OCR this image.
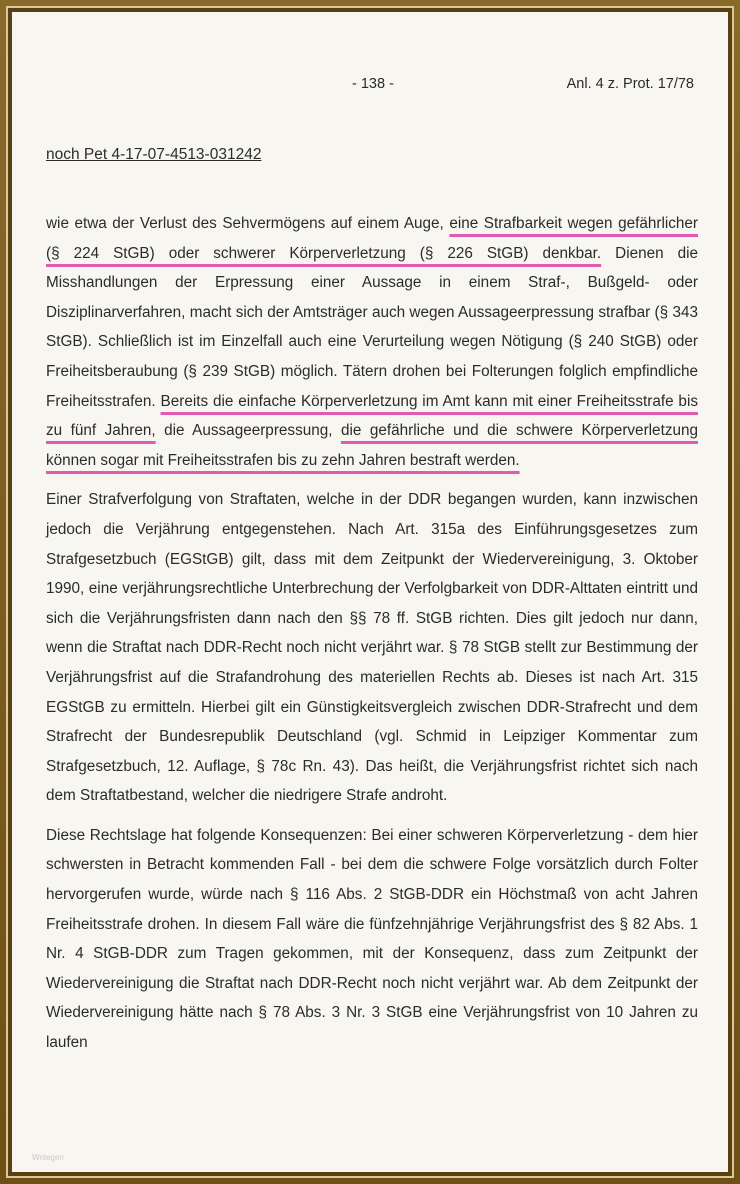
- 138 -	Anl. 4 z. Prot. 17/78
noch Pet 4-17-07-4513-031242

wie etwa der Verlust des Sehvermögens auf einem Auge, eine Strafbarkeit wegen gefährlicher (§ 224 StGB) oder schwerer Körperverletzung (§ 226 StGB) denkbar. Dienen die Misshandlungen der Erpressung einer Aussage in einem Straf-, Bußgeld- oder Disziplinarverfahren, macht sich der Amtsträger auch wegen Aussageerpressung strafbar (§ 343 StGB). Schließlich ist im Einzelfall auch eine Verurteilung wegen Nötigung (§ 240 StGB) oder Freiheitsberaubung (§ 239 StGB) möglich. Tätern drohen bei Folterungen folglich empfindliche Freiheitsstrafen. Bereits die einfache Körperverletzung im Amt kann mit einer Freiheitsstrafe bis zu fünf Jahren, die Aussageerpressung, die gefährliche und die schwere Körperverletzung können sogar mit Freiheitsstrafen bis zu zehn Jahren bestraft werden.

Einer Strafverfolgung von Straftaten, welche in der DDR begangen wurden, kann inzwischen jedoch die Verjährung entgegenstehen. Nach Art. 315a des Einführungsgesetzes zum Strafgesetzbuch (EGStGB) gilt, dass mit dem Zeitpunkt der Wiedervereinigung, 3. Oktober 1990, eine verjährungsrechtliche Unterbrechung der Verfolgbarkeit von DDR-Alttaten eintritt und sich die Verjährungsfristen dann nach den §§ 78 ff. StGB richten. Dies gilt jedoch nur dann, wenn die Straftat nach DDR-Recht noch nicht verjährt war. § 78 StGB stellt zur Bestimmung der Verjährungsfrist auf die Strafandrohung des materiellen Rechts ab. Dieses ist nach Art. 315 EGStGB zu ermitteln. Hierbei gilt ein Günstigkeitsvergleich zwischen DDR-Strafrecht und dem Strafrecht der Bundesrepublik Deutschland (vgl. Schmid in Leipziger Kommentar zum Strafgesetzbuch, 12. Auflage, § 78c Rn. 43). Das heißt, die Verjährungsfrist richtet sich nach dem Straftatbestand, welcher die niedrigere Strafe androht.

Diese Rechtslage hat folgende Konsequenzen: Bei einer schweren Körperverletzung - dem hier schwersten in Betracht kommenden Fall - bei dem die schwere Folge vorsätzlich durch Folter hervorgerufen wurde, würde nach § 116 Abs. 2 StGB-DDR ein Höchstmaß von acht Jahren Freiheitsstrafe drohen. In diesem Fall wäre die fünfzehnjährige Verjährungsfrist des § 82 Abs. 1 Nr. 4 StGB-DDR zum Tragen gekommen, mit der Konsequenz, dass zum Zeitpunkt der Wiedervereinigung die Straftat nach DDR-Recht noch nicht verjährt war. Ab dem Zeitpunkt der Wiedervereinigung hätte nach § 78 Abs. 3 Nr. 3 StGB eine Verjährungsfrist von 10 Jahren zu laufen

Writegen
